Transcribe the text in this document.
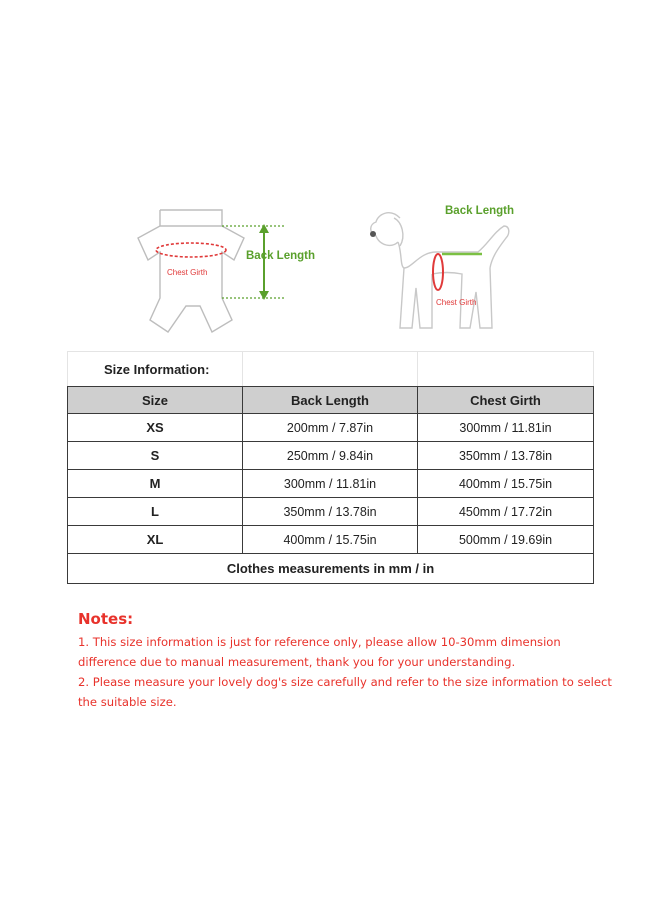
Back Length
Chest Girth
Back Length
Chest Girth
Size Information:		
Size	Back Length	Chest Girth
XS	200mm / 7.87in	300mm / 11.81in
S	250mm / 9.84in	350mm / 13.78in
M	300mm / 11.81in	400mm / 15.75in
L	350mm / 13.78in	450mm / 17.72in
XL	400mm / 15.75in	500mm / 19.69in
Clothes measurements in mm / in		
Notes:

1. This size information is just for reference only, please allow 10-30mm dimension difference due to manual measurement, thank you for your understanding.

2. Please measure your lovely dog's size carefully and refer to the size information to select the suitable size.
